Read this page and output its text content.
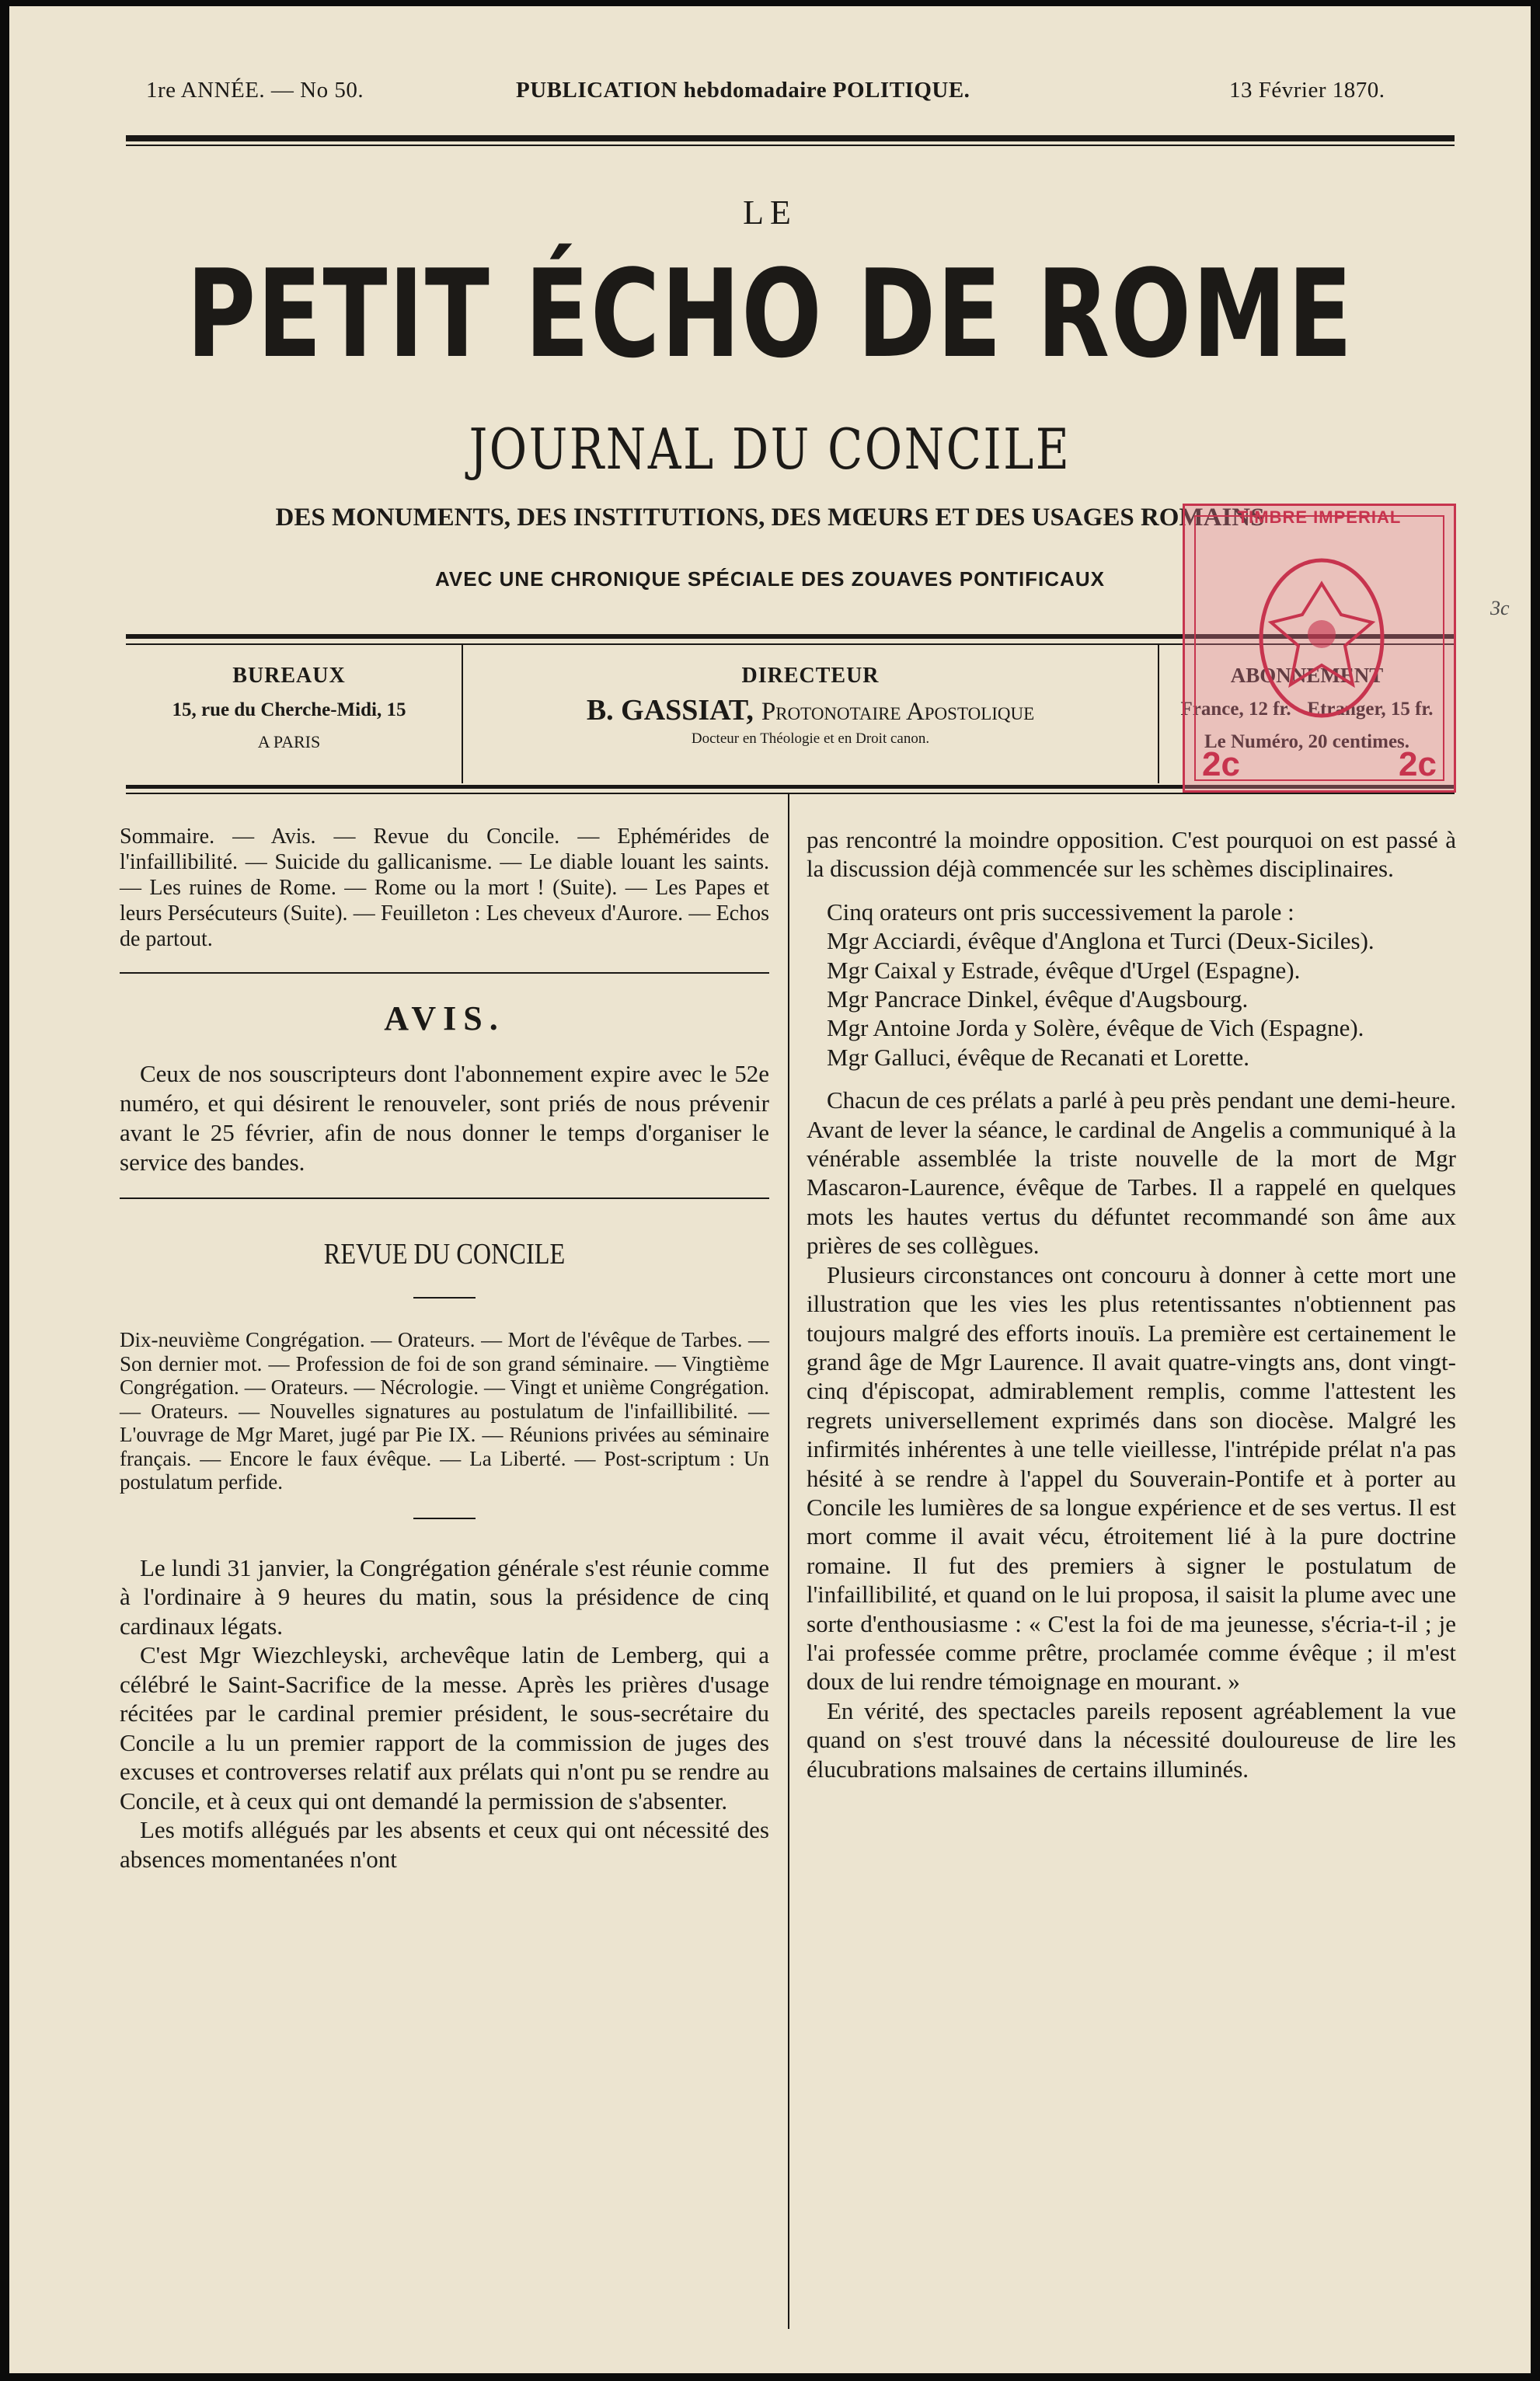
1re ANNÉE. — No 50.	PUBLICATION hebdomadaire POLITIQUE.	13 Février 1870.
LE
PETIT ÉCHO DE ROME
JOURNAL DU CONCILE
DES MONUMENTS, DES INSTITUTIONS, DES MŒURS ET DES USAGES ROMAINS
AVEC UNE CHRONIQUE SPÉCIALE DES ZOUAVES PONTIFICAUX
BUREAUX
15, rue du Cherche-Midi, 15
A PARIS
DIRECTEUR
B. GASSIAT, Protonotaire Apostolique
Docteur en Théologie et en Droit canon.
ABONNEMENT
France, 12 fr. - Etranger, 15 fr.
Le Numéro, 20 centimes.
TIMBRE IMPERIAL
2c	2c
3c

Sommaire. — Avis. — Revue du Concile. — Ephémérides de l'infaillibilité. — Suicide du gallicanisme. — Le diable louant les saints. — Les ruines de Rome. — Rome ou la mort ! (Suite). — Les Papes et leurs Persécuteurs (Suite). — Feuilleton : Les cheveux d'Aurore. — Echos de partout.

AVIS.

Ceux de nos souscripteurs dont l'abonnement expire avec le 52e numéro, et qui désirent le renouveler, sont priés de nous prévenir avant le 25 février, afin de nous donner le temps d'organiser le service des bandes.

REVUE DU CONCILE

Dix-neuvième Congrégation. — Orateurs. — Mort de l'évêque de Tarbes. — Son dernier mot. — Profession de foi de son grand séminaire. — Vingtième Congrégation. — Orateurs. — Nécrologie. — Vingt et unième Congrégation. — Orateurs. — Nouvelles signatures au postulatum de l'infaillibilité. — L'ouvrage de Mgr Maret, jugé par Pie IX. — Réunions privées au séminaire français. — Encore le faux évêque. — La Liberté. — Post-scriptum : Un postulatum perfide.

Le lundi 31 janvier, la Congrégation générale s'est réunie comme à l'ordinaire à 9 heures du matin, sous la présidence de cinq cardinaux légats.

C'est Mgr Wiezchleyski, archevêque latin de Lemberg, qui a célébré le Saint-Sacrifice de la messe. Après les prières d'usage récitées par le cardinal premier président, le sous-secrétaire du Concile a lu un premier rapport de la commission de juges des excuses et controverses relatif aux prélats qui n'ont pu se rendre au Concile, et à ceux qui ont demandé la permission de s'absenter.

Les motifs allégués par les absents et ceux qui ont nécessité des absences momentanées n'ont

pas rencontré la moindre opposition. C'est pourquoi on est passé à la discussion déjà commencée sur les schèmes disciplinaires.

Cinq orateurs ont pris successivement la parole :

Mgr Acciardi, évêque d'Anglona et Turci (Deux-Siciles).

Mgr Caixal y Estrade, évêque d'Urgel (Espagne).

Mgr Pancrace Dinkel, évêque d'Augsbourg.

Mgr Antoine Jorda y Solère, évêque de Vich (Espagne).

Mgr Galluci, évêque de Recanati et Lorette.

Chacun de ces prélats a parlé à peu près pendant une demi-heure. Avant de lever la séance, le cardinal de Angelis a communiqué à la vénérable assemblée la triste nouvelle de la mort de Mgr Mascaron-Laurence, évêque de Tarbes. Il a rappelé en quelques mots les hautes vertus du défuntet recommandé son âme aux prières de ses collègues.

Plusieurs circonstances ont concouru à donner à cette mort une illustration que les vies les plus retentissantes n'obtiennent pas toujours malgré des efforts inouïs. La première est certainement le grand âge de Mgr Laurence. Il avait quatre-vingts ans, dont vingt-cinq d'épiscopat, admirablement remplis, comme l'attestent les regrets universellement exprimés dans son diocèse. Malgré les infirmités inhérentes à une telle vieillesse, l'intrépide prélat n'a pas hésité à se rendre à l'appel du Souverain-Pontife et à porter au Concile les lumières de sa longue expérience et de ses vertus. Il est mort comme il avait vécu, étroitement lié à la pure doctrine romaine. Il fut des premiers à signer le postulatum de l'infaillibilité, et quand on le lui proposa, il saisit la plume avec une sorte d'enthousiasme : « C'est la foi de ma jeunesse, s'écria-t-il ; je l'ai professée comme prêtre, proclamée comme évêque ; il m'est doux de lui rendre témoignage en mourant. »

En vérité, des spectacles pareils reposent agréablement la vue quand on s'est trouvé dans la nécessité douloureuse de lire les élucubrations malsaines de certains illuminés.
